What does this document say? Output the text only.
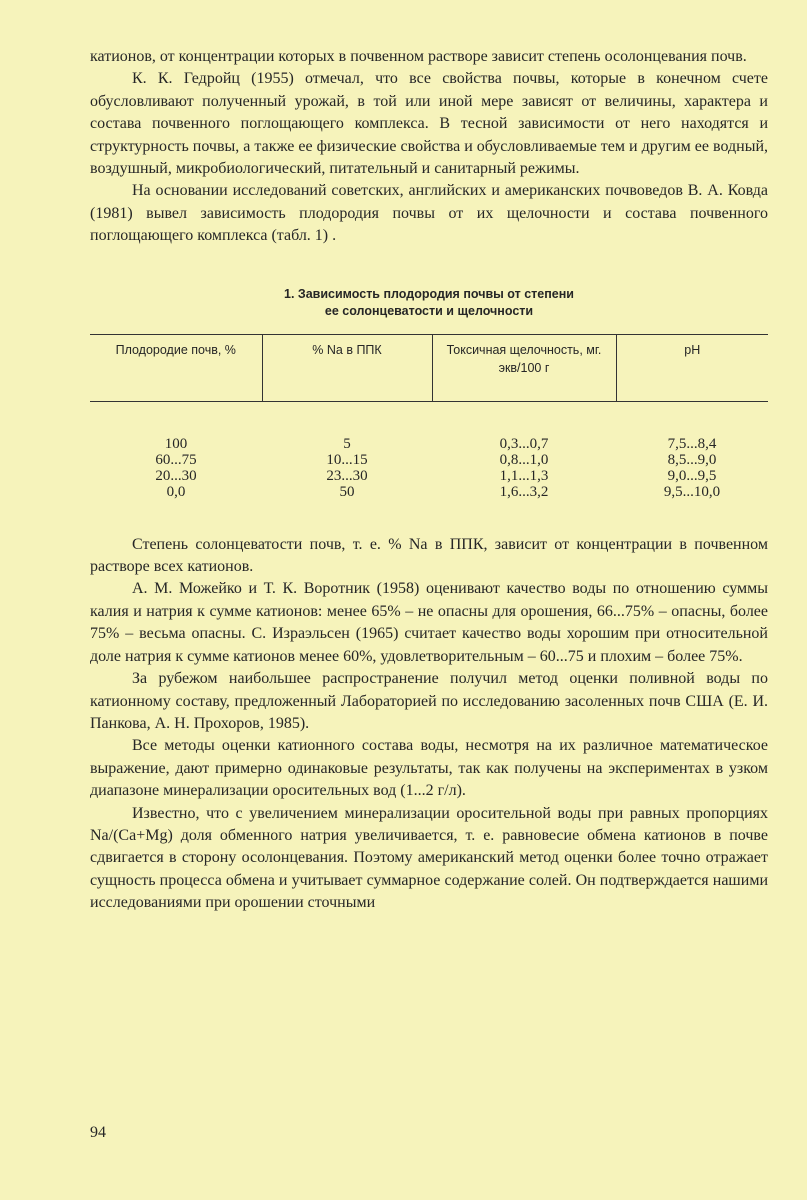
катионов, от концентрации которых в почвенном растворе зависит степень осолонцевания почв.

К. К. Гедройц (1955) отмечал, что все свойства почвы, которые в конечном счете обусловливают полученный урожай, в той или иной мере зависят от величины, характера и состава почвенного поглощающего комплекса. В тесной зависимости от него находятся и структурность почвы, а также ее физические свойства и обусловливаемые тем и другим ее водный, воздушный, микробиологический, питательный и санитарный режимы.

На основании исследований советских, английских и американских почвоведов В. А. Ковда (1981) вывел зависимость плодородия почвы от их щелочности и состава почвенного поглощающего комплекса (табл. 1) .

1. Зависимость плодородия почвы от степени
ее солонцеватости и щелочности
Плодородие почв, %	% Na в ППК	Токсичная щелочность, мг. экв/100 г	pH
100	5	0,3...0,7	7,5...8,4
60...75	10...15	0,8...1,0	8,5...9,0
20...30	23...30	1,1...1,3	9,0...9,5
0,0	50	1,6...3,2	9,5...10,0

Степень солонцеватости почв, т. е. % Na в ППК, зависит от концентрации в почвенном растворе всех катионов.

А. М. Можейко и Т. К. Воротник (1958) оценивают качество воды по отношению суммы калия и натрия к сумме катионов: менее 65% – не опасны для орошения, 66...75% – опасны, более 75% – весьма опасны. С. Израэльсен (1965) считает качество воды хорошим при относительной доле натрия к сумме катионов менее 60%, удовлетворительным – 60...75 и плохим – более 75%.

За рубежом наибольшее распространение получил метод оценки поливной воды по катионному составу, предложенный Лабораторией по исследованию засоленных почв США (Е. И. Панкова, А. Н. Прохоров, 1985).

Все методы оценки катионного состава воды, несмотря на их различное математическое выражение, дают примерно одинаковые результаты, так как получены на экспериментах в узком диапазоне минерализации оросительных вод (1...2 г/л).

Известно, что с увеличением минерализации оросительной воды при равных пропорциях Na/(Ca+Mg) доля обменного натрия увеличивается, т. е. равновесие обмена катионов в почве сдвигается в сторону осолонцевания. Поэтому американский метод оценки более точно отражает сущность процесса обмена и учитывает суммарное содержание солей. Он подтверждается нашими исследованиями при орошении сточными

94
